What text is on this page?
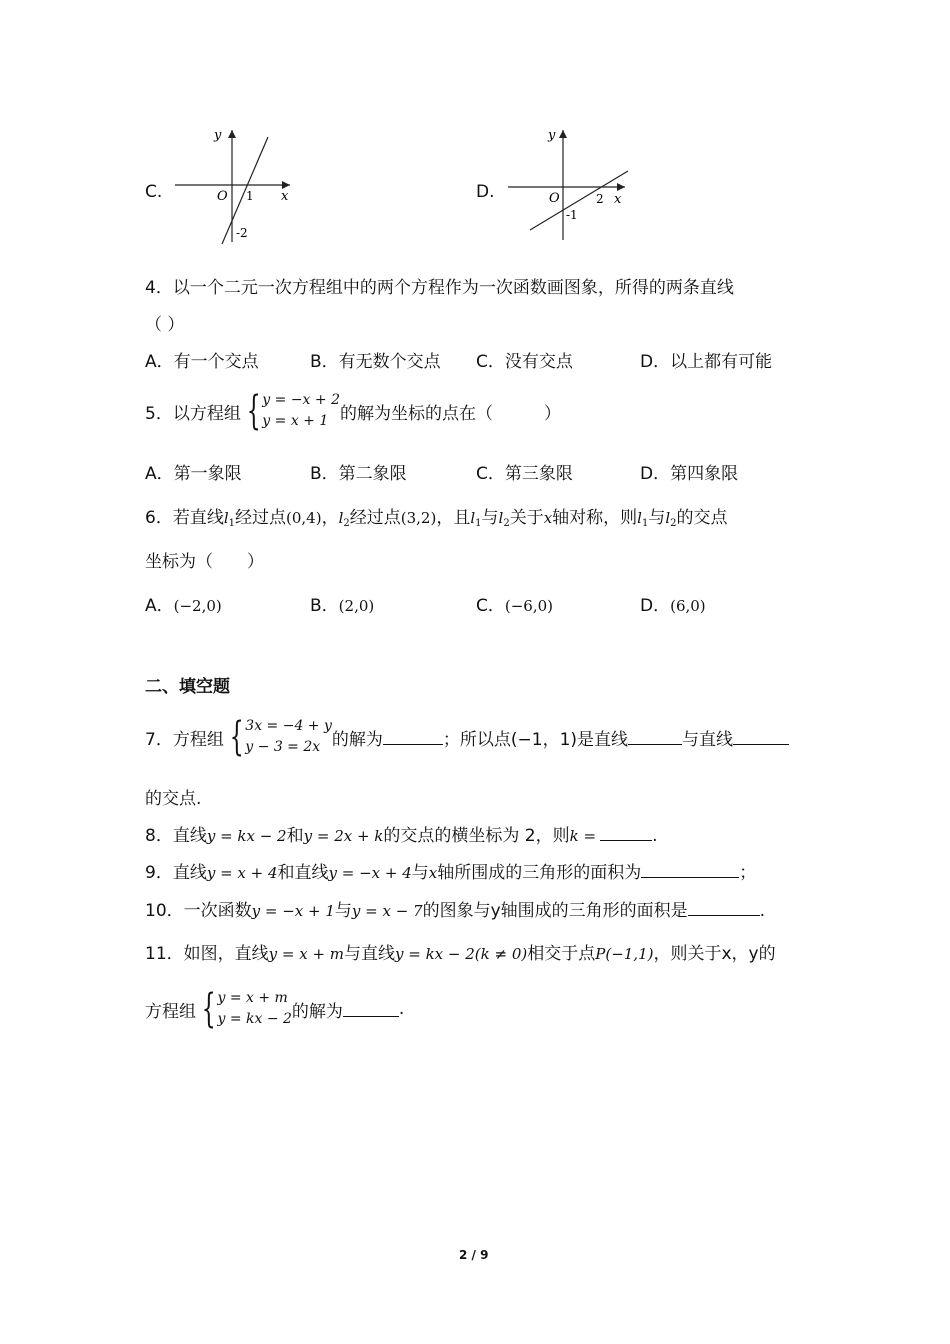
C.
y
x
O 1
-2
D.
y
x
O	2
-1
4．以一个二元一次方程组中的两个方程作为一次函数画图象，所得的两条直线
（ ）
A．有一个交点	B．有无数个交点 C．没有交点	D．以上都有可能
5． 以方程组 { y = −x + 2
y = x + 1 的解为坐标的点在（　　　）
A．第一象限	B．第二象限	C．第三象限	D．第四象限
6．若直线$l_1$经过点(0,4)，$l_2$经过点(3,2)，且$l_1$与$l_2$关于x轴对称，则$l_1$与$l_2$的交点
坐标为（　　）
A．(−2,0)	B．(2,0)	C．(−6,0)	D．(6,0)
二、填空题
7． 方程组 { 3x = −4 + y
y − 3 = 2x 的解为	；所以点(−1，1)是直线	与直线
的交点.
8．直线y = kx − 2和y = 2x + k的交点的横坐标为 2，则k =	.
9．直线y = x + 4和直线y = −x + 4与x轴所围成的三角形的面积为	；
10．一次函数y = −x + 1与y = x − 7的图象与y轴围成的三角形的面积是	.
11．如图，直线y = x + m与直线y = kx − 2(k ≠ 0)相交于点P(−1,1)，则关于x，y的
方程组 { y = x + m
y = kx − 2 的解为	.
2 / 9
